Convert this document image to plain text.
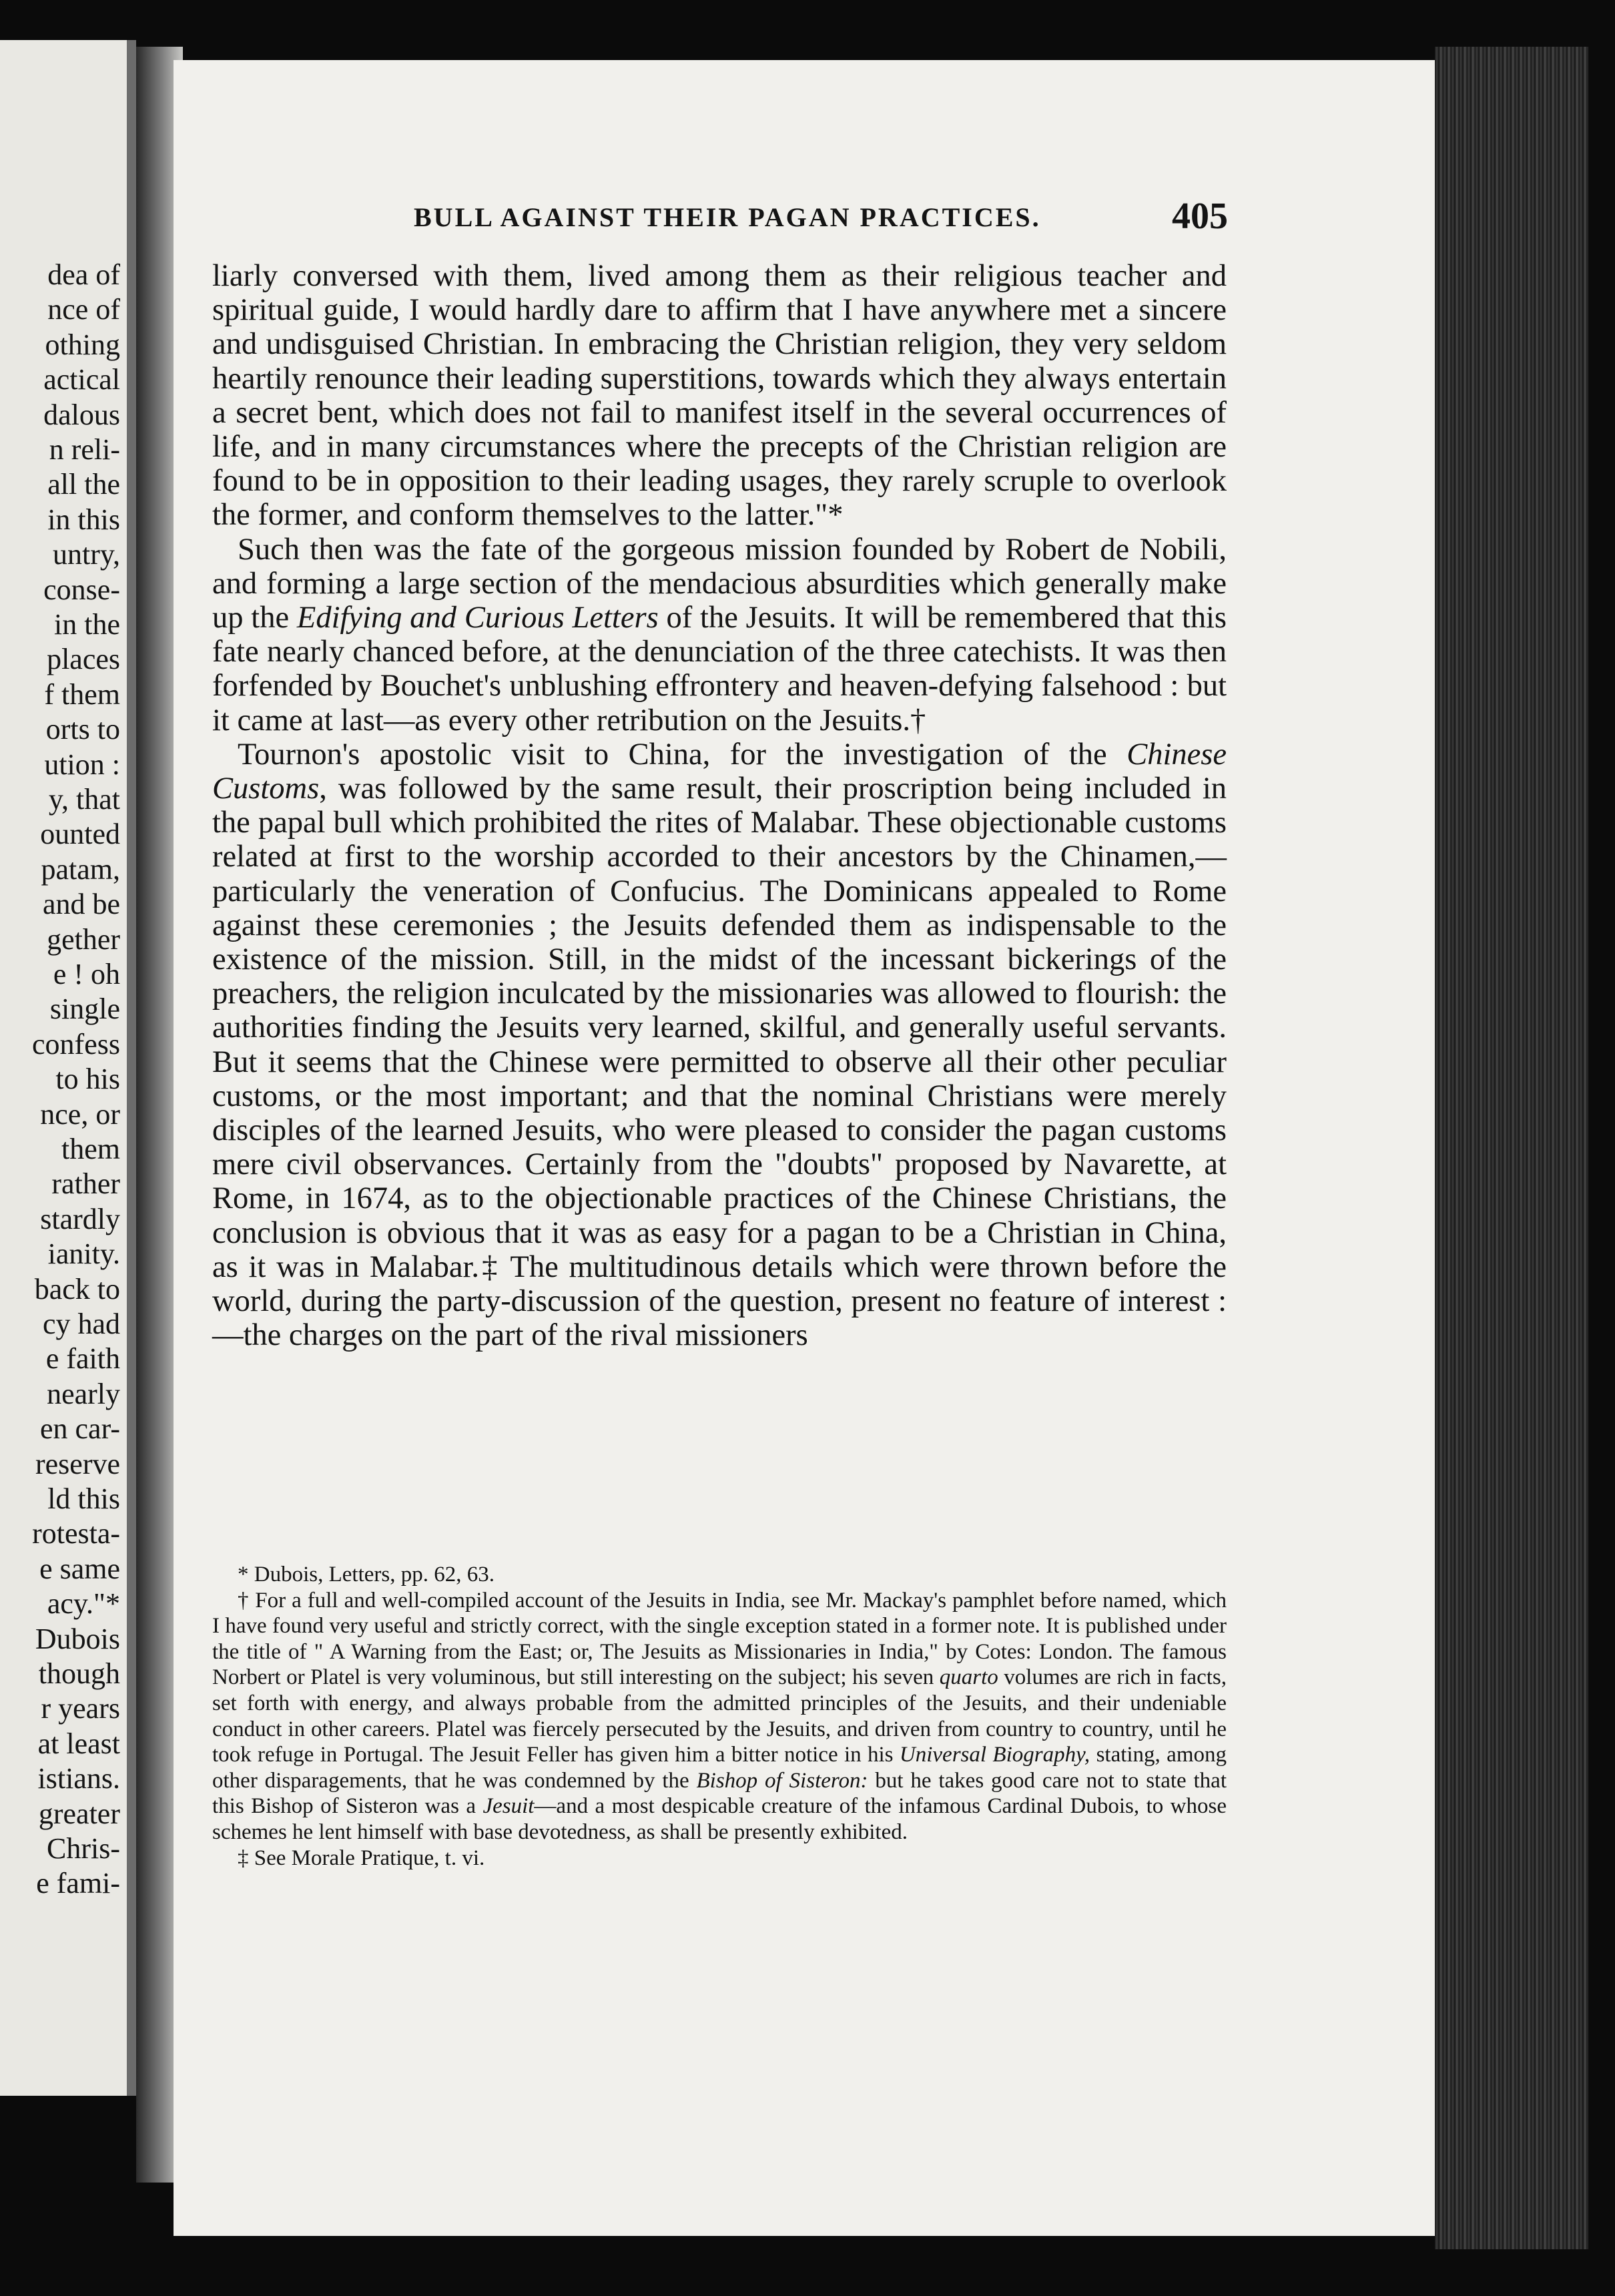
dea of
nce of
othing
actical
dalous
n reli-
all the
in this
untry,
conse-
in the
places
f them
orts to
ution :
y, that
ounted
patam,
and be
gether
e ! oh
single
confess
to his
nce, or
them
rather
stardly
ianity.
back to
cy had
e faith
nearly
en car-
reserve
ld this
rotesta-
e same
acy."*
Dubois
though
r years
at least
istians.
greater
Chris-
e fami-
BULL AGAINST THEIR PAGAN PRACTICES.	405

liarly conversed with them, lived among them as their religious teacher and spiritual guide, I would hardly dare to affirm that I have anywhere met a sincere and undisguised Christian. In embracing the Christian religion, they very seldom heartily renounce their leading superstitions, towards which they always entertain a secret bent, which does not fail to manifest itself in the several occurrences of life, and in many circumstances where the precepts of the Christian religion are found to be in opposition to their leading usages, they rarely scruple to overlook the former, and conform themselves to the latter."*

Such then was the fate of the gorgeous mission founded by Robert de Nobili, and forming a large section of the mendacious absurdities which generally make up the Edifying and Curious Letters of the Jesuits. It will be remembered that this fate nearly chanced before, at the denunciation of the three catechists. It was then forfended by Bouchet's unblushing effrontery and heaven-defying falsehood : but it came at last—as every other retribution on the Jesuits.†

Tournon's apostolic visit to China, for the investigation of the Chinese Customs, was followed by the same result, their proscription being included in the papal bull which prohibited the rites of Malabar. These objectionable customs related at first to the worship accorded to their ancestors by the Chinamen,—particularly the veneration of Confucius. The Dominicans appealed to Rome against these ceremonies ; the Jesuits defended them as indispensable to the existence of the mission. Still, in the midst of the incessant bickerings of the preachers, the religion inculcated by the missionaries was allowed to flourish: the authorities finding the Jesuits very learned, skilful, and generally useful servants. But it seems that the Chinese were permitted to observe all their other peculiar customs, or the most important; and that the nominal Christians were merely disciples of the learned Jesuits, who were pleased to consider the pagan customs mere civil observances. Certainly from the "doubts" proposed by Navarette, at Rome, in 1674, as to the objectionable practices of the Chinese Christians, the conclusion is obvious that it was as easy for a pagan to be a Christian in China, as it was in Malabar.‡ The multitudinous details which were thrown before the world, during the party-discussion of the question, present no feature of interest :—the charges on the part of the rival missioners

* Dubois, Letters, pp. 62, 63.

† For a full and well-compiled account of the Jesuits in India, see Mr. Mackay's pamphlet before named, which I have found very useful and strictly correct, with the single exception stated in a former note. It is published under the title of " A Warning from the East; or, The Jesuits as Missionaries in India," by Cotes: London. The famous Norbert or Platel is very voluminous, but still interesting on the subject; his seven quarto volumes are rich in facts, set forth with energy, and always probable from the admitted principles of the Jesuits, and their undeniable conduct in other careers. Platel was fiercely persecuted by the Jesuits, and driven from country to country, until he took refuge in Portugal. The Jesuit Feller has given him a bitter notice in his Universal Biography, stating, among other disparagements, that he was condemned by the Bishop of Sisteron: but he takes good care not to state that this Bishop of Sisteron was a Jesuit—and a most despicable creature of the infamous Cardinal Dubois, to whose schemes he lent himself with base devotedness, as shall be presently exhibited.

‡ See Morale Pratique, t. vi.
